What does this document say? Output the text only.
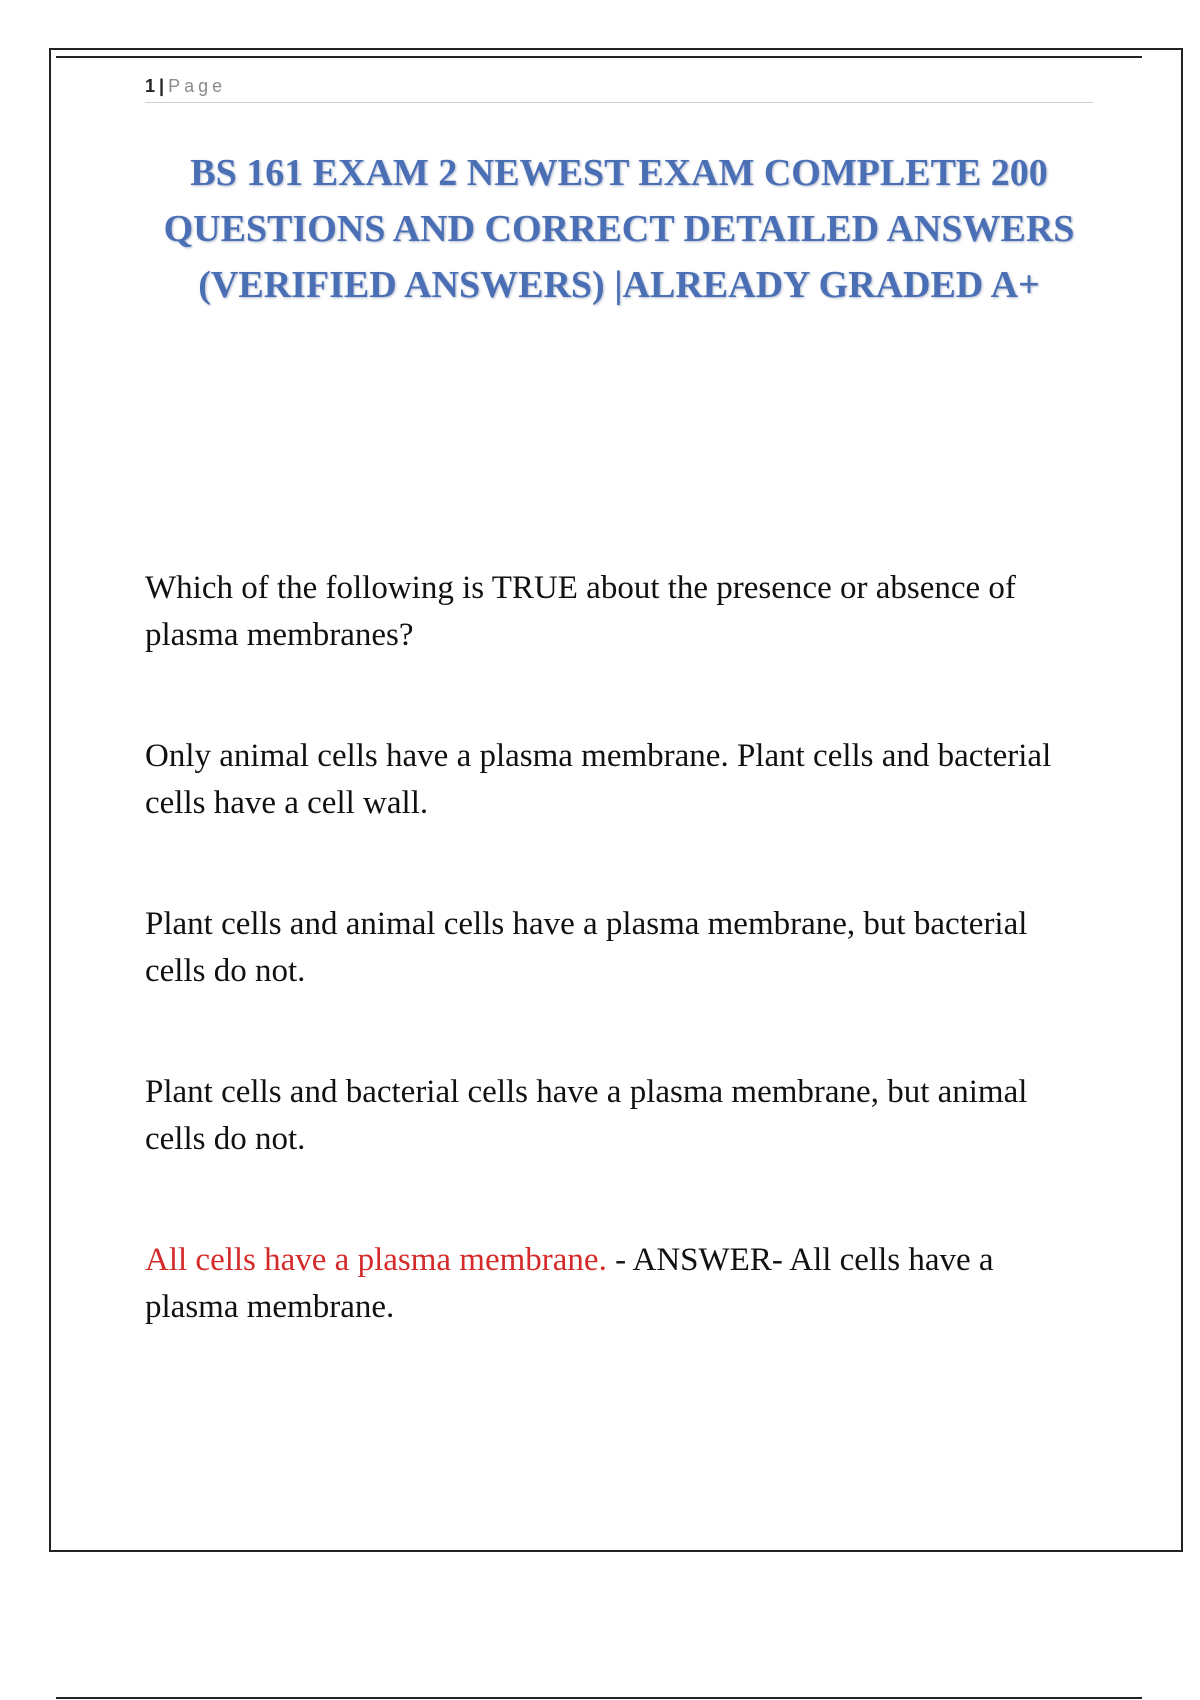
1 | Page
BS 161 EXAM 2 NEWEST EXAM COMPLETE 200 QUESTIONS AND CORRECT DETAILED ANSWERS (VERIFIED ANSWERS) |ALREADY GRADED A+

Which of the following is TRUE about the presence or absence of plasma membranes?

Only animal cells have a plasma membrane. Plant cells and bacterial cells have a cell wall.

Plant cells and animal cells have a plasma membrane, but bacterial cells do not.

Plant cells and bacterial cells have a plasma membrane, but animal cells do not.

All cells have a plasma membrane. - ANSWER- All cells have a plasma membrane.
